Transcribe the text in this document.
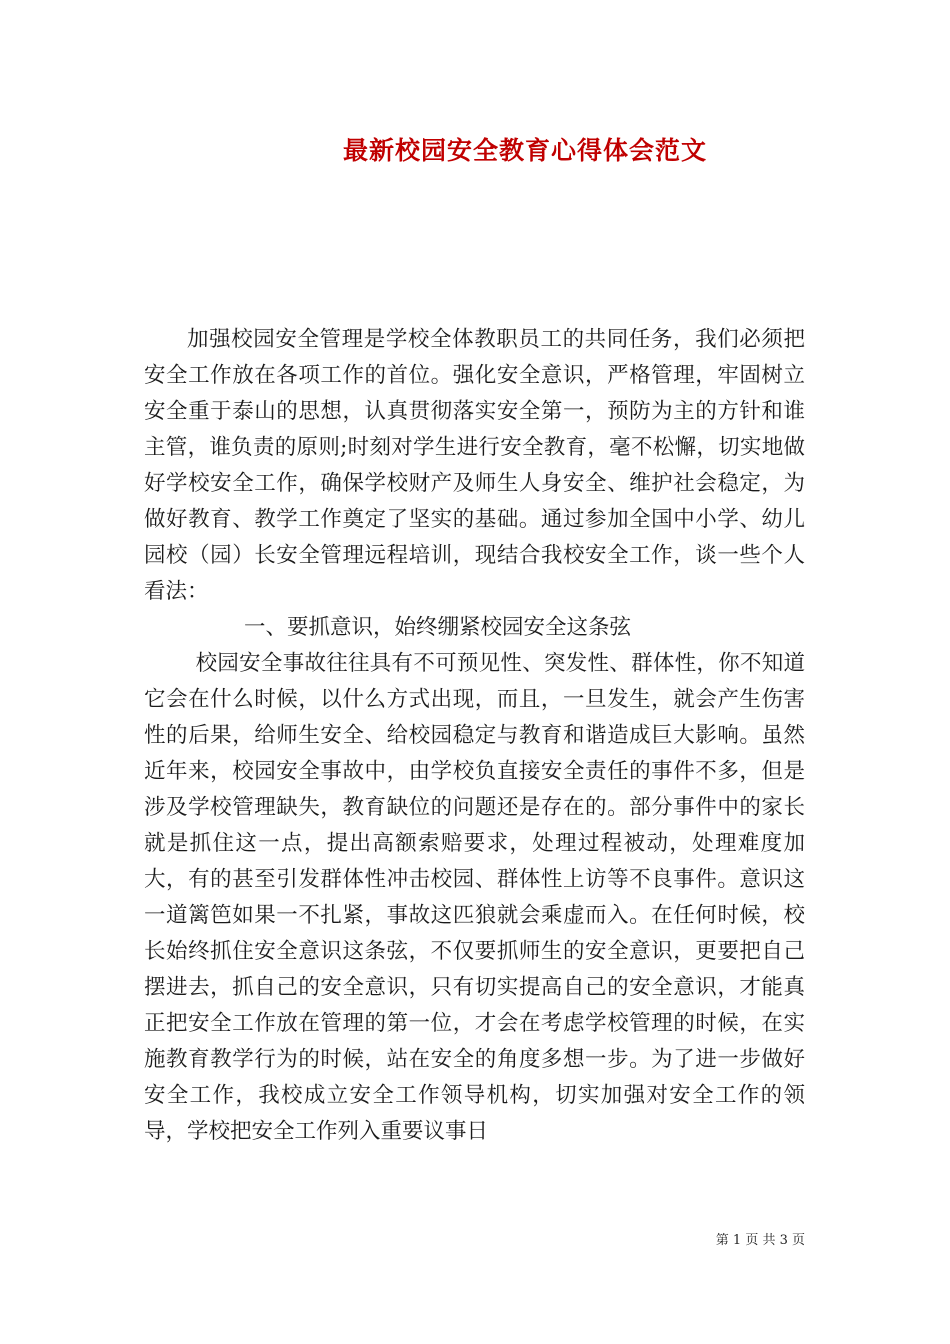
最新校园安全教育心得体会范文

加强校园安全管理是学校全体教职员工的共同任务，我们必须把安全工作放在各项工作的首位。强化安全意识，严格管理，牢固树立安全重于泰山的思想，认真贯彻落实安全第一，预防为主的方针和谁主管，谁负责的原则;时刻对学生进行安全教育，毫不松懈，切实地做好学校安全工作，确保学校财产及师生人身安全、维护社会稳定，为做好教育、教学工作奠定了坚实的基础。通过参加全国中小学、幼儿园校（园）长安全管理远程培训，现结合我校安全工作，谈一些个人看法：

一、要抓意识，始终绷紧校园安全这条弦

校园安全事故往往具有不可预见性、突发性、群体性，你不知道它会在什么时候，以什么方式出现，而且，一旦发生，就会产生伤害性的后果，给师生安全、给校园稳定与教育和谐造成巨大影响。虽然近年来，校园安全事故中，由学校负直接安全责任的事件不多，但是涉及学校管理缺失，教育缺位的问题还是存在的。部分事件中的家长就是抓住这一点，提出高额索赔要求，处理过程被动，处理难度加大，有的甚至引发群体性冲击校园、群体性上访等不良事件。意识这一道篱笆如果一不扎紧，事故这匹狼就会乘虚而入。在任何时候，校长始终抓住安全意识这条弦，不仅要抓师生的安全意识，更要把自己摆进去，抓自己的安全意识，只有切实提高自己的安全意识，才能真正把安全工作放在管理的第一位，才会在考虑学校管理的时候，在实施教育教学行为的时候，站在安全的角度多想一步。为了进一步做好安全工作，我校成立安全工作领导机构，切实加强对安全工作的领导，学校把安全工作列入重要议事日

第 1 页 共 3 页
